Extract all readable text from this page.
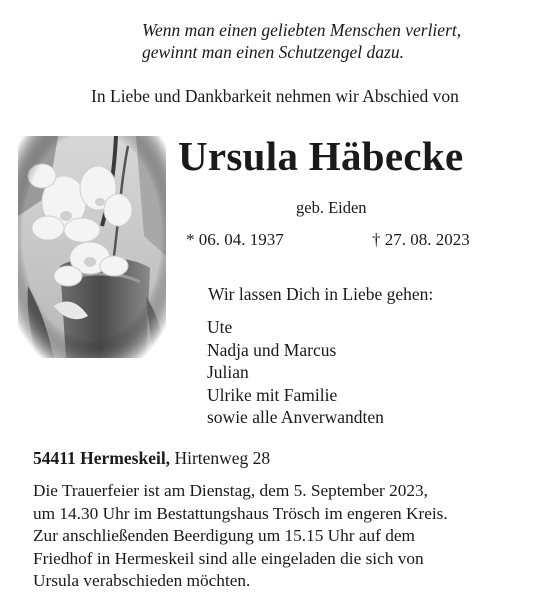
Wenn man einen geliebten Menschen verliert,
gewinnt man einen Schutzengel dazu.
In Liebe und Dankbarkeit nehmen wir Abschied von
Ursula Häbecke
geb. Eiden
* 06. 04. 1937	† 27. 08. 2023
Wir lassen Dich in Liebe gehen:
Ute
Nadja und Marcus
Julian
Ulrike mit Familie
sowie alle Anverwandten
54411 Hermeskeil, Hirtenweg 28
Die Trauerfeier ist am Dienstag, dem 5. September 2023,
um 14.30 Uhr im Bestattungshaus Trösch im engeren Kreis.
Zur anschließenden Beerdigung um 15.15 Uhr auf dem
Friedhof in Hermeskeil sind alle eingeladen die sich von
Ursula verabschieden möchten.
